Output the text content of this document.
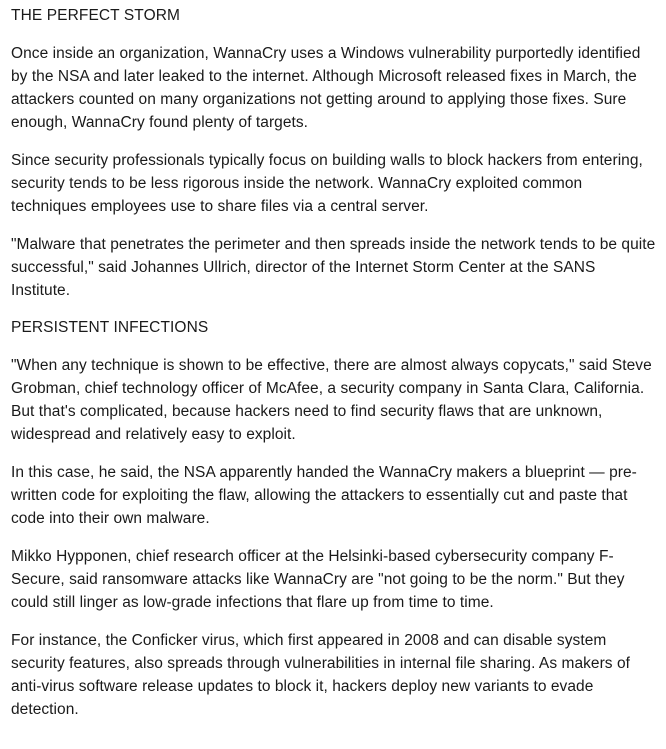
THE PERFECT STORM

Once inside an organization, WannaCry uses a Windows vulnerability purportedly identified by the NSA and later leaked to the internet. Although Microsoft released fixes in March, the attackers counted on many organizations not getting around to applying those fixes. Sure enough, WannaCry found plenty of targets.

Since security professionals typically focus on building walls to block hackers from entering, security tends to be less rigorous inside the network. WannaCry exploited common techniques employees use to share files via a central server.

"Malware that penetrates the perimeter and then spreads inside the network tends to be quite successful," said Johannes Ullrich, director of the Internet Storm Center at the SANS Institute.

PERSISTENT INFECTIONS

"When any technique is shown to be effective, there are almost always copycats," said Steve Grobman, chief technology officer of McAfee, a security company in Santa Clara, California. But that's complicated, because hackers need to find security flaws that are unknown, widespread and relatively easy to exploit.

In this case, he said, the NSA apparently handed the WannaCry makers a blueprint — pre-written code for exploiting the flaw, allowing the attackers to essentially cut and paste that code into their own malware.

Mikko Hypponen, chief research officer at the Helsinki-based cybersecurity company F-Secure, said ransomware attacks like WannaCry are "not going to be the norm." But they could still linger as low-grade infections that flare up from time to time.

For instance, the Conficker virus, which first appeared in 2008 and can disable system security features, also spreads through vulnerabilities in internal file sharing. As makers of anti-virus software release updates to block it, hackers deploy new variants to evade detection.
